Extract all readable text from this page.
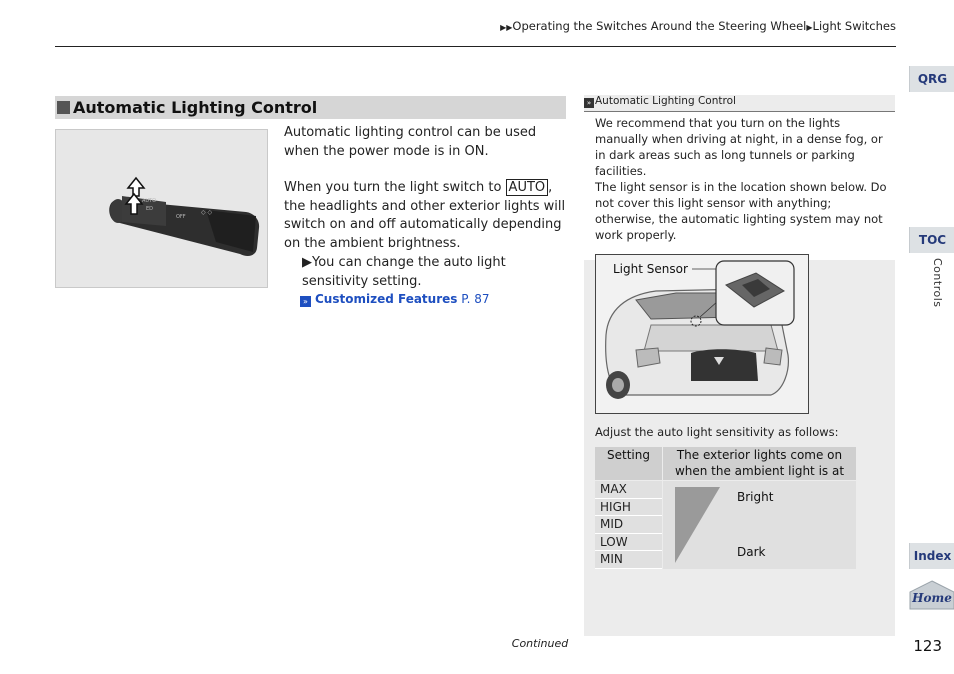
▶▶Operating the Switches Around the Steering Wheel▶Light Switches
QRG
TOC
Controls
Index
Home
Automatic Lighting Control
AUTO
ED
OFF
◇ ◇
Automatic lighting control can be used when the power mode is in ON.
When you turn the light switch to AUTO , the headlights and other exterior lights will switch on and off automatically depending on the ambient brightness.
▶You can change the auto light sensitivity setting.
» Customized Features P. 87
» Automatic Lighting Control
We recommend that you turn on the lights manually when driving at night, in a dense fog, or in dark areas such as long tunnels or parking facilities.
The light sensor is in the location shown below. Do not cover this light sensor with anything; otherwise, the automatic lighting system may not work properly.
Light Sensor
Adjust the auto light sensitivity as follows:
Setting	The exterior lights come on when the ambient light is at
MAX
HIGH
MID
LOW
MIN
Bright
Dark
Continued	123
